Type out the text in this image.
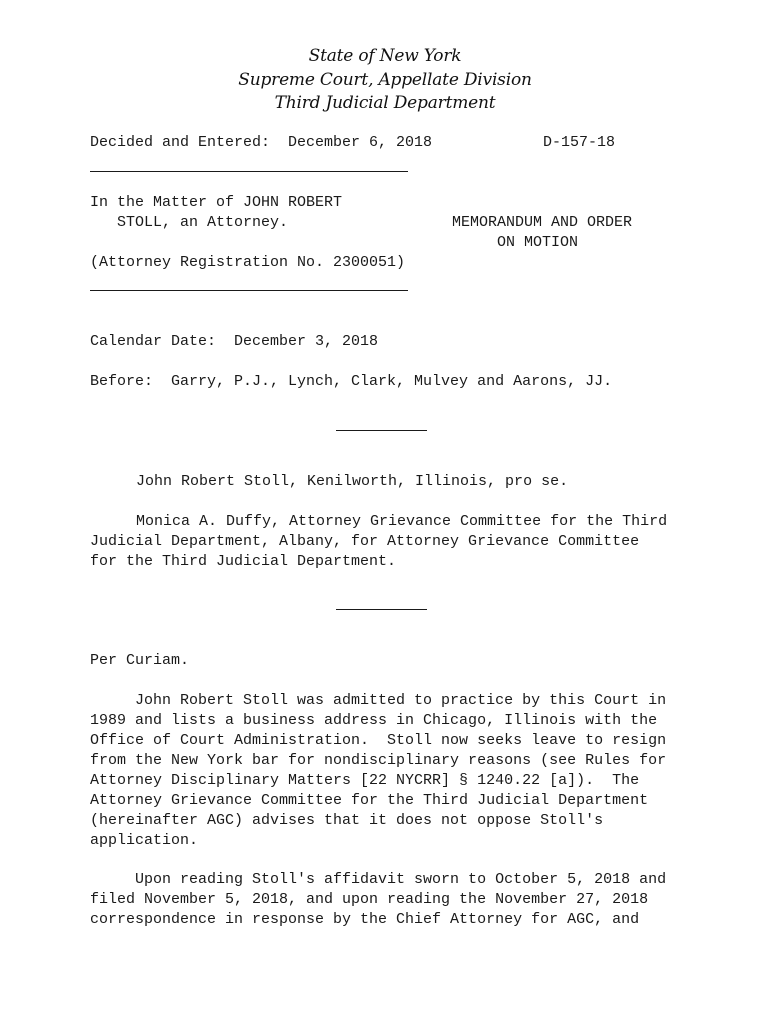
State of New York
Supreme Court, Appellate Division
Third Judicial Department
Decided and Entered:  December 6, 2018	D-157-18
In the Matter of JOHN ROBERT
STOLL, an Attorney.
(Attorney Registration No. 2300051)
MEMORANDUM AND ORDER
ON MOTION
Calendar Date:  December 3, 2018
Before:  Garry, P.J., Lynch, Clark, Mulvey and Aarons, JJ.
John Robert Stoll, Kenilworth, Illinois, pro se.
Monica A. Duffy, Attorney Grievance Committee for the Third
Judicial Department, Albany, for Attorney Grievance Committee
for the Third Judicial Department.
Per Curiam.
John Robert Stoll was admitted to practice by this Court in
1989 and lists a business address in Chicago, Illinois with the
Office of Court Administration.  Stoll now seeks leave to resign
from the New York bar for nondisciplinary reasons (see Rules for
Attorney Disciplinary Matters [22 NYCRR] § 1240.22 [a]).  The
Attorney Grievance Committee for the Third Judicial Department
(hereinafter AGC) advises that it does not oppose Stoll's
application.
Upon reading Stoll's affidavit sworn to October 5, 2018 and
filed November 5, 2018, and upon reading the November 27, 2018
correspondence in response by the Chief Attorney for AGC, and
